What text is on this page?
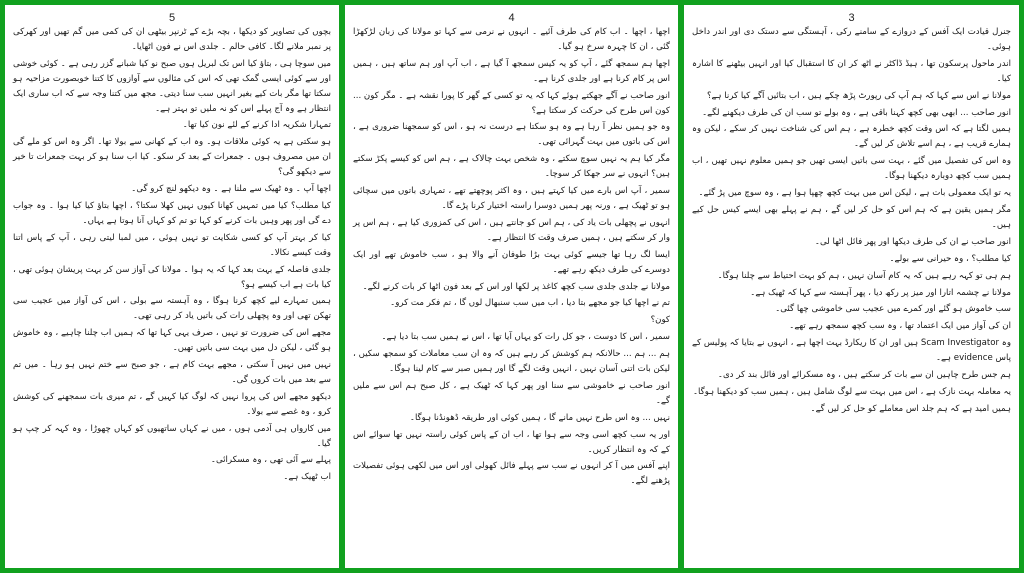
5

بچوں کی تصاویر کو دیکھا ، بچہ بڑے کے ٹرنپر بیٹھی ان کی کمی میں گم تھیں اور کھرکی پر نمبر ملانے لگا۔ کافی حالم ۔ جلدی اس نے فون اٹھایا۔

میں سوچا ہی ، بتاؤ کیا اس تک لبریل ہوں صبح نو کیا شبانے گزر رہی ہے ۔ کوئی خوشی اور سے کوئی ایسی گمک تھی کہ اس کی مثالوں سے آوازوں کا کتنا خوبصورت مزاحیہ ہو سکتا تھا مگر بات کیے بغیر انہیں سب سنا دیتی۔ مجھ میں کتنا وجہ سے کہ اب ساری ایک انتظار ہے وہ آج پہلے اس کو نہ ملیں تو بہتر ہے۔

تمہارا شکریہ ادا کرنے کے لئے نون کیا تھا۔

ہو سکتی ہے یہ کوئی ملاقات ہو۔ وہ اب کے کھانی سے بولا تھا۔ اگر وہ اس کو ملے گی ان میں مصروف ہوں ۔ جمعرات کے بعد کر سکو۔ کیا اب سنا ہو کر بہت جمعرات تا خیر سے دیکھو گی؟

اچھا آپ ۔ وہ ٹھیک سے ملنا ہے ۔ وہ دیکھو لنچ کرو گی۔

کیا مطلب؟ کیا میں تمہیں کھانا کیوں نہیں کھلا سکتا؟ ، اچھا بتاؤ کیا کیا ہوا ۔ وہ جواب دے گی اور پھر وہیں بات کرنے کو کہا تو تم کو کہاں آنا ہوتا ہے یہاں۔

کیا کر بہتر آپ کو کسی شکایت تو نہیں ہوئی ، میں لمبا لیتی رہی ، آپ کے پاس اتنا وقت کیسے نکالا۔

جلدی فاصلہ کے بہت بعد کہا کہ یہ ہوا ۔ مولانا کی آواز سن کر بہت پریشان ہوئی تھی ، کیا بات ہے اب کیسے ہو؟

ہمیں تمہارے لیے کچھ کرنا ہوگا ، وہ آہستہ سے بولی ، اس کی آواز میں عجیب سی تھکن تھی اور وہ پچھلی رات کی باتیں یاد کر رہی تھی۔

مجھے اس کی ضرورت تو نہیں ، صرف یہی کہا تھا کہ ہمیں اب چلنا چاہیے ، وہ خاموش ہو گئی ، لیکن دل میں بہت سی باتیں تھیں۔

نہیں میں نہیں آ سکتی ، مجھے بہت کام ہے ، جو صبح سے ختم نہیں ہو رہا ۔ میں تم سے بعد میں بات کروں گی۔

دیکھو مجھے اس کی پروا نہیں کہ لوگ کیا کہیں گے ، تم میری بات سمجھنے کی کوشش کرو ، وہ غصے سے بولا۔

میں کارواں ہی آدمی ہوں ، میں نے کہاں ساتھیوں کو کہاں چھوڑا ، وہ کہہ کر چپ ہو گیا۔

پہلے سے آئی تھی ، وہ مسکرائی۔

اب ٹھیک ہے۔

4

اچھا ، اچھا ۔ اب کام کی طرف آئیے ۔ انہوں نے نرمی سے کہا تو مولانا کی زبان لڑکھڑا گئی ، ان کا چہرہ سرخ ہو گیا۔

اچھا ہم سمجھ گئے ، آپ کو یہ کیس سمجھ آ گیا ہے ، اب آپ اور ہم ساتھ ہیں ، ہمیں اس پر کام کرنا ہے اور جلدی کرنا ہے۔

انور صاحب نے آگے جھکتے ہوئے کہا کہ یہ تو کسی کے گھر کا پورا نقشہ ہے ۔ مگر کون ... کون اس طرح کی حرکت کر سکتا ہے؟

وہ جو ہمیں نظر آ رہا ہے وہ ہو سکتا ہے درست نہ ہو ، اس کو سمجھنا ضروری ہے ، اس کی باتوں میں بہت گہرائی تھی۔

مگر کیا ہم یہ نہیں سوچ سکتے ، وہ شخص بہت چالاک ہے ، ہم اس کو کیسے پکڑ سکتے ہیں؟ انہوں نے سر جھکا کر سوچا۔

سمیر ، آپ اس بارے میں کیا کہتے ہیں ، وہ اکثر پوچھتے تھے ، تمہاری باتوں میں سچائی ہو تو ٹھیک ہے ، ورنہ پھر ہمیں دوسرا راستہ اختیار کرنا پڑے گا۔

انہوں نے پچھلی بات یاد کی ، ہم اس کو جانتے ہیں ، اس کی کمزوری کیا ہے ، ہم اس پر وار کر سکتے ہیں ، ہمیں صرف وقت کا انتظار ہے۔

ایسا لگ رہا تھا جیسے کوئی بہت بڑا طوفان آنے والا ہو ، سب خاموش تھے اور ایک دوسرے کی طرف دیکھ رہے تھے۔

مولانا نے جلدی جلدی سب کچھ کاغذ پر لکھا اور اس کے بعد فون اٹھا کر بات کرنے لگے۔

تم نے اچھا کیا جو مجھے بتا دیا ، اب میں سب سنبھال لوں گا ، تم فکر مت کرو۔

کون؟

سمیر ، اس کا دوست ، جو کل رات کو یہاں آیا تھا ، اس نے ہمیں سب بتا دیا ہے۔

ہم ... ہم ... حالانکہ ہم کوشش کر رہے ہیں کہ وہ ان سب معاملات کو سمجھ سکیں ، لیکن بات اتنی آسان نہیں ، انہیں وقت لگے گا اور ہمیں صبر سے کام لینا ہوگا۔

انور صاحب نے خاموشی سے سنا اور پھر کہا کہ ٹھیک ہے ، کل صبح ہم اس سے ملیں گے۔

نہیں ... وہ اس طرح نہیں مانے گا ، ہمیں کوئی اور طریقہ ڈھونڈنا ہوگا۔

اور یہ سب کچھ اسی وجہ سے ہوا تھا ، اب ان کے پاس کوئی راستہ نہیں تھا سوائے اس کے کہ وہ انتظار کریں۔

اپنے آفس میں آ کر انہوں نے سب سے پہلے فائل کھولی اور اس میں لکھی ہوئی تفصیلات پڑھنے لگے۔

3

جنرل قیادت ایک آفس کے دروازے کے سامنے رکی ، آہستگی سے دستک دی اور اندر داخل ہوئی۔

اندر ماحول پرسکون تھا ، ہیڈ ڈاکٹر نے اٹھ کر ان کا استقبال کیا اور انہیں بیٹھنے کا اشارہ کیا۔

مولانا نے اس سے کہا کہ ہم آپ کی رپورٹ پڑھ چکے ہیں ، اب بتائیں آگے کیا کرنا ہے؟

انور صاحب ... ابھی بھی کچھ کہنا باقی ہے ، وہ بولے تو سب ان کی طرف دیکھنے لگے۔

ہمیں لگتا ہے کہ اس وقت کچھ خطرہ ہے ، ہم اس کی شناخت نہیں کر سکے ، لیکن وہ ہمارے قریب ہے ، ہم اسے تلاش کر لیں گے۔

وہ اس کی تفصیل میں گئے ، بہت سی باتیں ایسی تھیں جو ہمیں معلوم نہیں تھیں ، اب ہمیں سب کچھ دوبارہ دیکھنا ہوگا۔

یہ تو ایک معمولی بات ہے ، لیکن اس میں بہت کچھ چھپا ہوا ہے ، وہ سوچ میں پڑ گئے۔

مگر ہمیں یقین ہے کہ ہم اس کو حل کر لیں گے ، ہم نے پہلے بھی ایسے کیس حل کیے ہیں۔

انور صاحب نے ان کی طرف دیکھا اور پھر فائل اٹھا لی۔

کیا مطلب؟ ، وہ حیرانی سے بولے۔

ہم ہی تو کہہ رہے ہیں کہ یہ کام آسان نہیں ، ہم کو بہت احتیاط سے چلنا ہوگا۔

مولانا نے چشمہ اتارا اور میز پر رکھ دیا ، پھر آہستہ سے کہا کہ ٹھیک ہے۔

سب خاموش ہو گئے اور کمرے میں عجیب سی خاموشی چھا گئی۔

ان کی آواز میں ایک اعتماد تھا ، وہ سب کچھ سمجھ رہے تھے۔

وہ Scam Investigator ہیں اور ان کا ریکارڈ بہت اچھا ہے ، انہوں نے بتایا کہ پولیس کے پاس evidence ہے۔

ہم جس طرح چاہیں ان سے بات کر سکتے ہیں ، وہ مسکرائے اور فائل بند کر دی۔

یہ معاملہ بہت نازک ہے ، اس میں بہت سے لوگ شامل ہیں ، ہمیں سب کو دیکھنا ہوگا۔

ہمیں امید ہے کہ ہم جلد اس معاملے کو حل کر لیں گے۔
